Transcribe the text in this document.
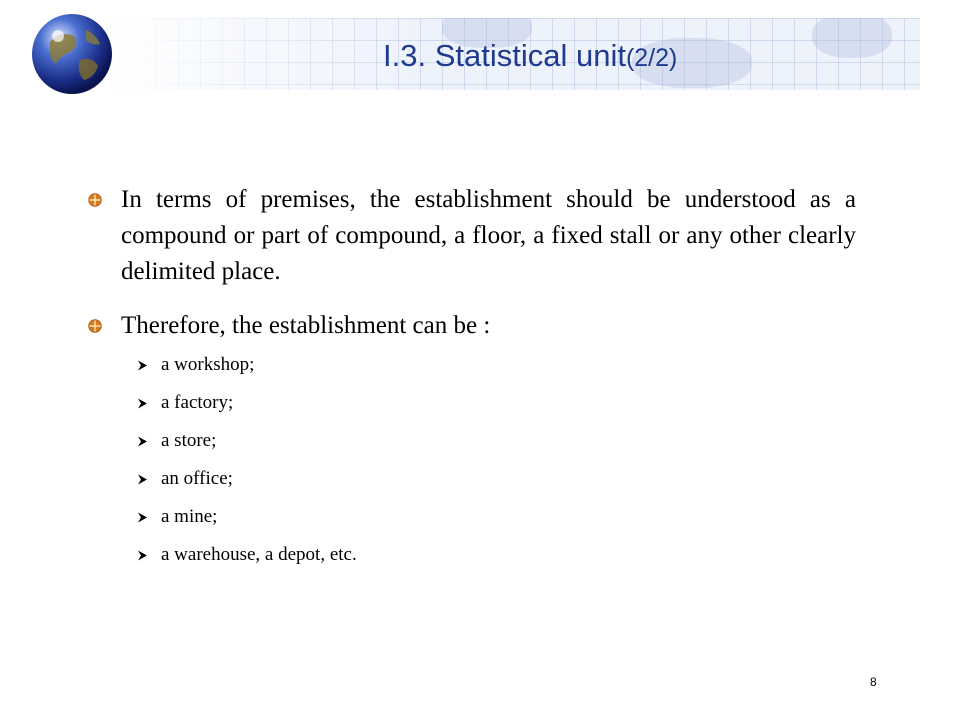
I.3. Statistical unit(2/2)
In terms of premises, the establishment should be understood as a compound or part of compound, a floor, a fixed stall or any other clearly delimited place.
Therefore, the establishment can be :
a workshop;
a factory;
a store;
an office;
a mine;
a warehouse, a depot, etc.
8
